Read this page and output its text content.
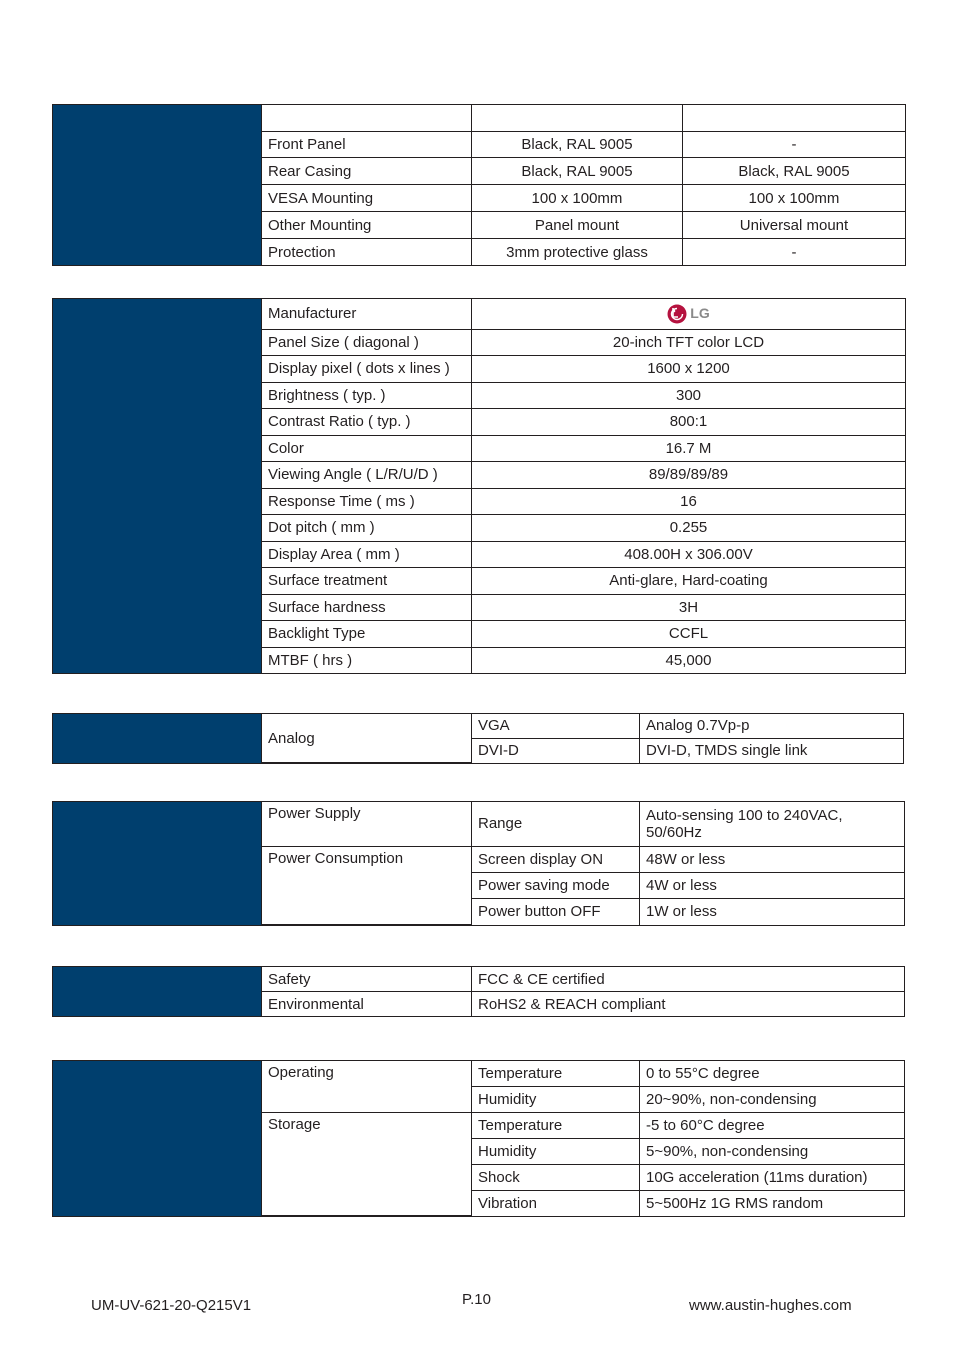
Front Panel	Black, RAL 9005	-
Rear Casing	Black, RAL 9005	Black, RAL 9005
VESA Mounting	100 x 100mm	100 x 100mm
Other Mounting	Panel mount	Universal mount
Protection	3mm protective glass	-
Manufacturer	LG

Panel Size ( diagonal )	20-inch TFT color LCD
Display pixel ( dots x lines )	1600 x 1200
Brightness ( typ. )	300
Contrast Ratio ( typ. )	800:1
Color	16.7 M
Viewing Angle ( L/R/U/D )	89/89/89/89
Response Time ( ms )	16
Dot pitch ( mm )	0.255
Display Area ( mm )	408.00H x 306.00V
Surface treatment	Anti-glare, Hard-coating
Surface hardness	3H
Backlight Type	CCFL
MTBF ( hrs )	45,000
Analog	VGA	Analog 0.7Vp-p
	DVI-D	DVI-D, TMDS single link
Power Supply	Range	Auto-sensing 100 to 240VAC, 50/60Hz
Power Consumption	Screen display ON	48W or less
	Power saving mode	4W or less
	Power button OFF	1W or less
Safety	FCC & CE certified
Environmental	RoHS2 & REACH compliant
Operating	Temperature	0 to 55°C degree
	Humidity	20~90%, non-condensing
Storage	Temperature	-5 to 60°C degree
	Humidity	5~90%, non-condensing
	Shock	10G acceleration (11ms duration)
	Vibration	5~500Hz 1G RMS random
UM-UV-621-20-Q215V1	P.10	www.austin-hughes.com
